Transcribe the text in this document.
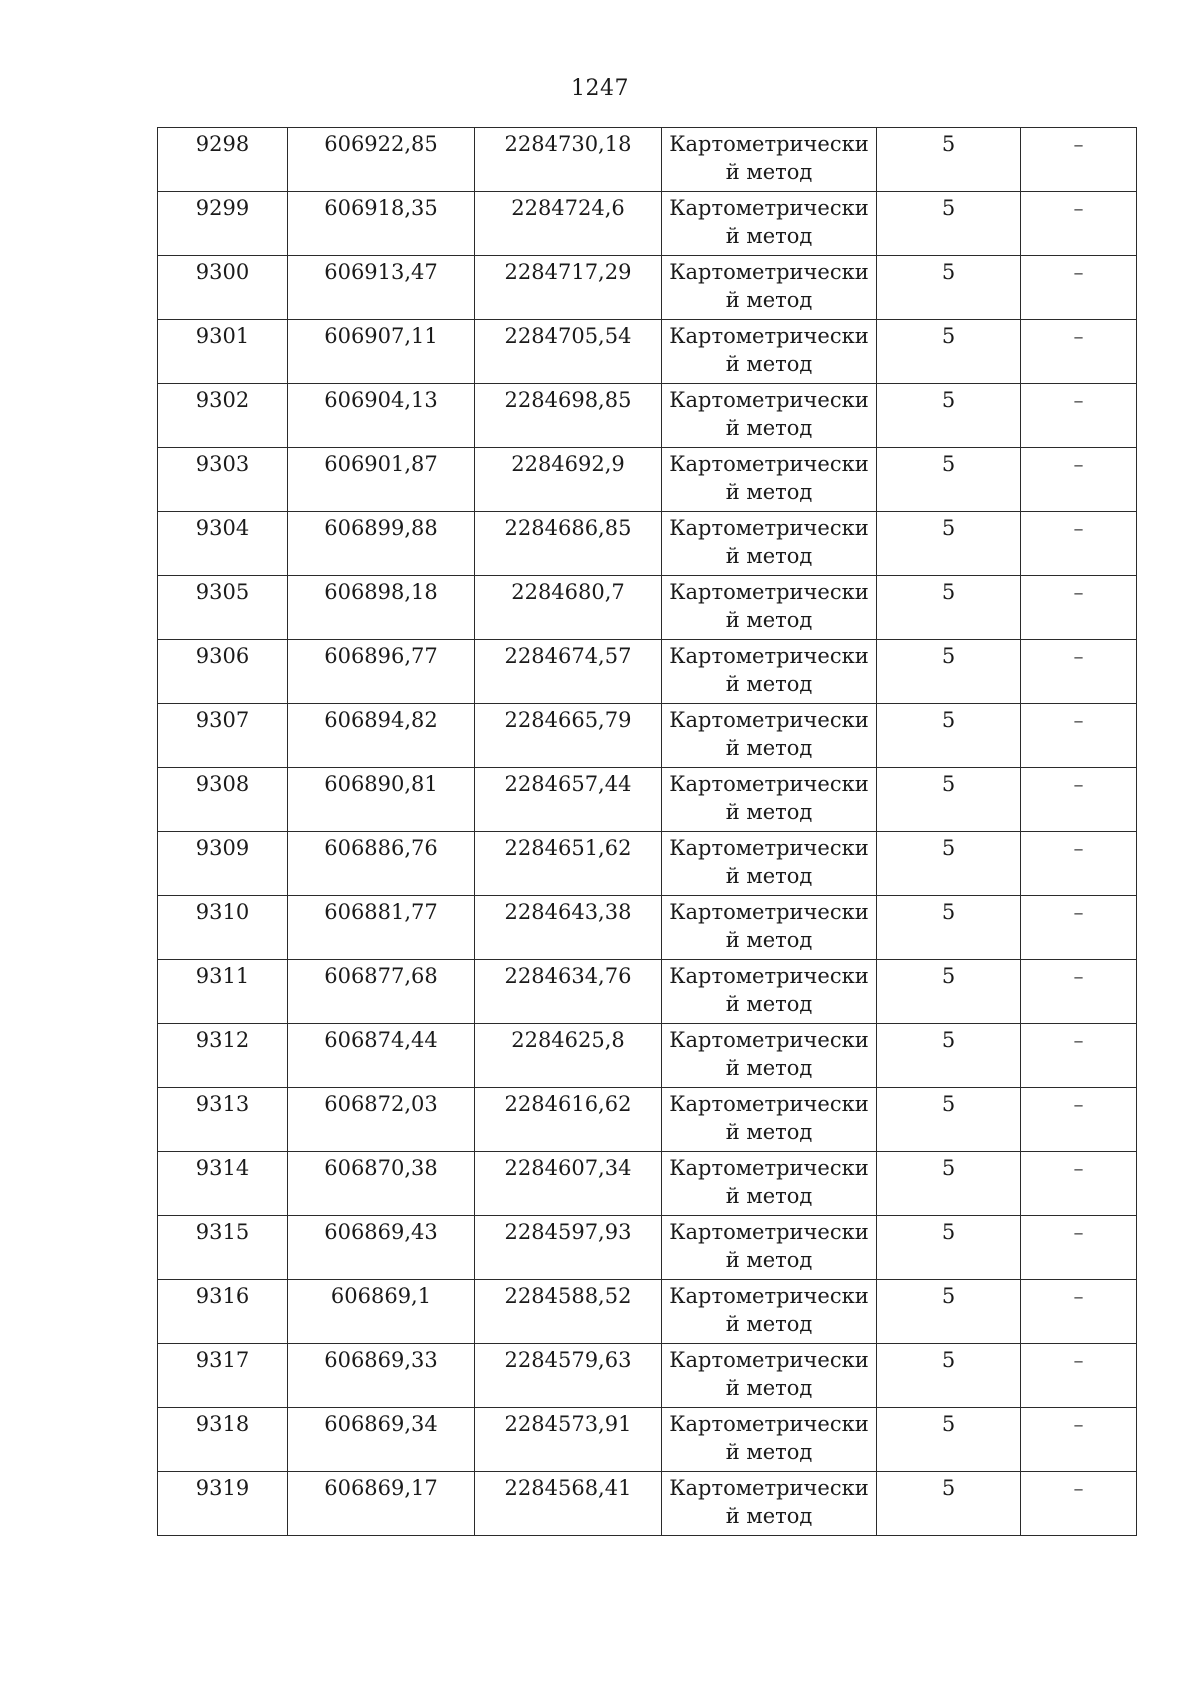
1247
9298	606922,85	2284730,18	Картометрически
й метод	5	–

9299	606918,35	2284724,6	Картометрически
й метод	5	–

9300	606913,47	2284717,29	Картометрически
й метод	5	–

9301	606907,11	2284705,54	Картометрически
й метод	5	–

9302	606904,13	2284698,85	Картометрически
й метод	5	–

9303	606901,87	2284692,9	Картометрически
й метод	5	–

9304	606899,88	2284686,85	Картометрически
й метод	5	–

9305	606898,18	2284680,7	Картометрически
й метод	5	–

9306	606896,77	2284674,57	Картометрически
й метод	5	–

9307	606894,82	2284665,79	Картометрически
й метод	5	–

9308	606890,81	2284657,44	Картометрически
й метод	5	–

9309	606886,76	2284651,62	Картометрически
й метод	5	–

9310	606881,77	2284643,38	Картометрически
й метод	5	–

9311	606877,68	2284634,76	Картометрически
й метод	5	–

9312	606874,44	2284625,8	Картометрически
й метод	5	–

9313	606872,03	2284616,62	Картометрически
й метод	5	–

9314	606870,38	2284607,34	Картометрически
й метод	5	–

9315	606869,43	2284597,93	Картометрически
й метод	5	–

9316	606869,1	2284588,52	Картометрически
й метод	5	–

9317	606869,33	2284579,63	Картометрически
й метод	5	–

9318	606869,34	2284573,91	Картометрически
й метод	5	–

9319	606869,17	2284568,41	Картометрически
й метод	5	–
